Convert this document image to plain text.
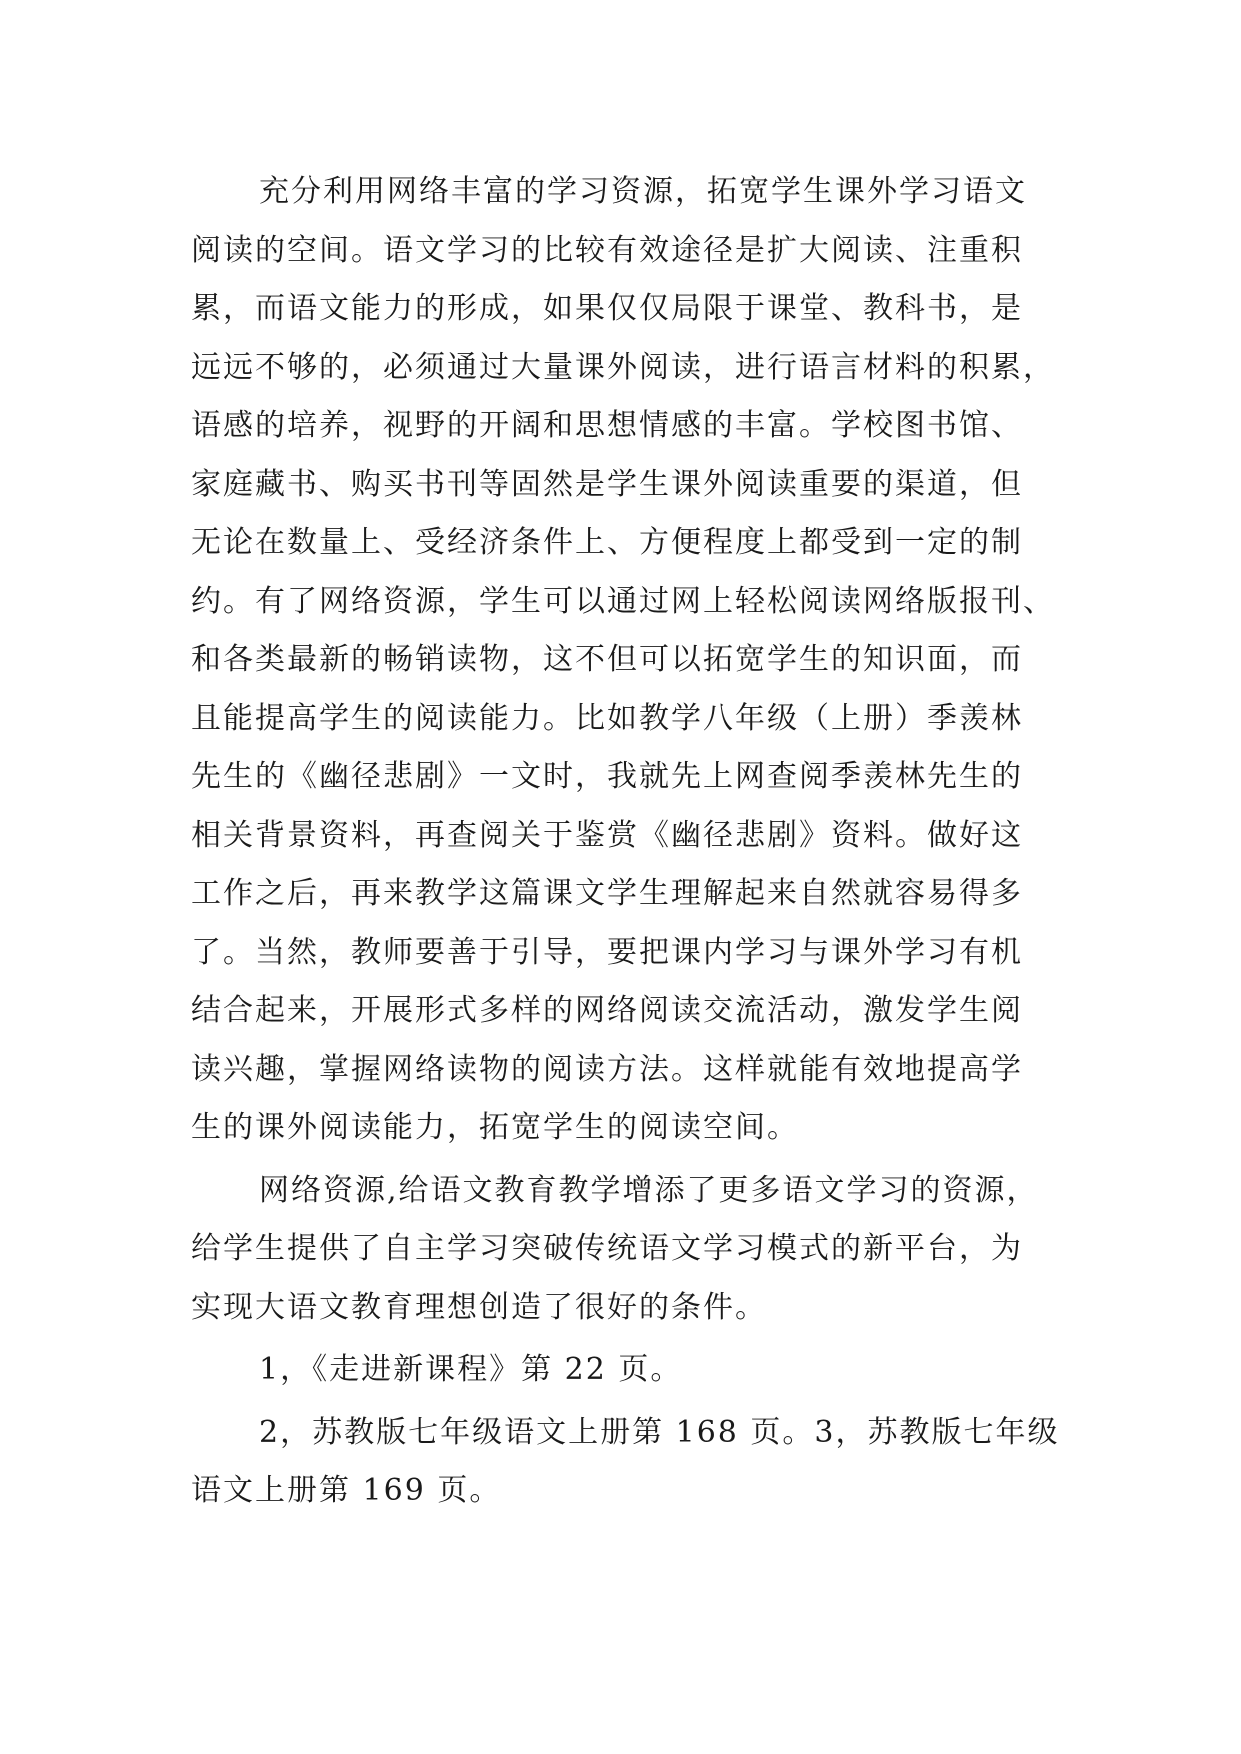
充分利用网络丰富的学习资源，拓宽学生课外学习语文
阅读的空间。语文学习的比较有效途径是扩大阅读、注重积
累，而语文能力的形成，如果仅仅局限于课堂、教科书，是
远远不够的，必须通过大量课外阅读，进行语言材料的积累，
语感的培养，视野的开阔和思想情感的丰富。学校图书馆、
家庭藏书、购买书刊等固然是学生课外阅读重要的渠道，但
无论在数量上、受经济条件上、方便程度上都受到一定的制
约。有了网络资源，学生可以通过网上轻松阅读网络版报刊、
和各类最新的畅销读物，这不但可以拓宽学生的知识面，而
且能提高学生的阅读能力。比如教学八年级（上册）季羡林
先生的《幽径悲剧》一文时，我就先上网查阅季羡林先生的
相关背景资料，再查阅关于鉴赏《幽径悲剧》资料。做好这
工作之后，再来教学这篇课文学生理解起来自然就容易得多
了。当然，教师要善于引导，要把课内学习与课外学习有机
结合起来，开展形式多样的网络阅读交流活动，激发学生阅
读兴趣，掌握网络读物的阅读方法。这样就能有效地提高学
生的课外阅读能力，拓宽学生的阅读空间。
网络资源,给语文教育教学增添了更多语文学习的资源，
给学生提供了自主学习突破传统语文学习模式的新平台，为
实现大语文教育理想创造了很好的条件。
1，《走进新课程》第 22 页。
2，苏教版七年级语文上册第 168 页。3，苏教版七年级
语文上册第 169 页。
